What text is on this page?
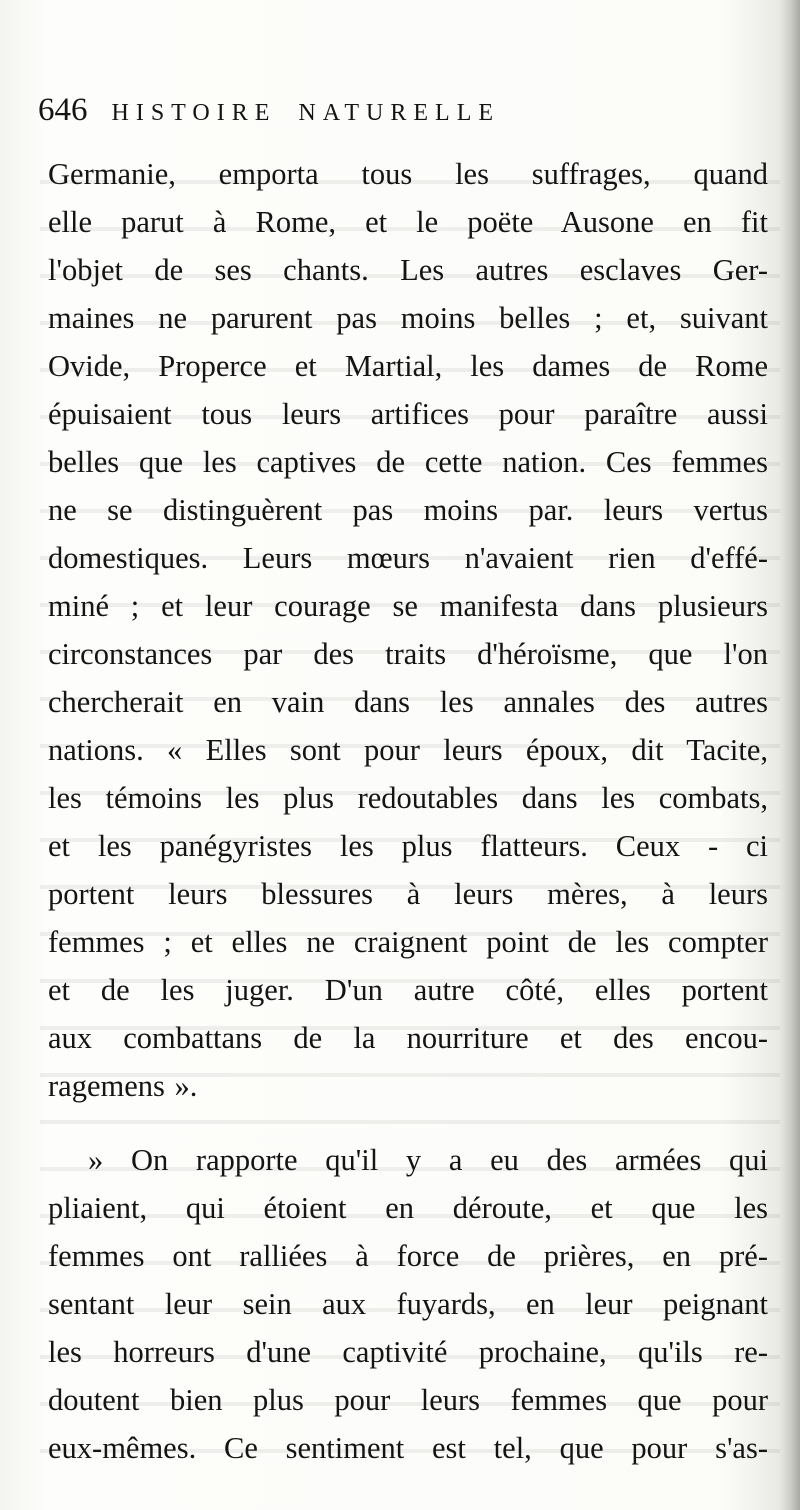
646 HISTOIRE NATURELLE
Germanie, emporta tous les suffrages, quand
elle parut à Rome, et le poëte Ausone en fit
l'objet de ses chants. Les autres esclaves Ger-
maines ne parurent pas moins belles ; et, suivant
Ovide, Properce et Martial, les dames de Rome
épuisaient tous leurs artifices pour paraître aussi
belles que les captives de cette nation. Ces femmes
ne se distinguèrent pas moins par. leurs vertus
domestiques. Leurs mœurs n'avaient rien d'effé-
miné ; et leur courage se manifesta dans plusieurs
circonstances par des traits d'héroïsme, que l'on
chercherait en vain dans les annales des autres
nations. « Elles sont pour leurs époux, dit Tacite,
les témoins les plus redoutables dans les combats,
et les panégyristes les plus flatteurs. Ceux - ci
portent leurs blessures à leurs mères, à leurs
femmes ; et elles ne craignent point de les compter
et de les juger. D'un autre côté, elles portent
aux combattans de la nourriture et des encou-
ragemens ».
» On rapporte qu'il y a eu des armées qui
pliaient, qui étoient en déroute, et que les
femmes ont ralliées à force de prières, en pré-
sentant leur sein aux fuyards, en leur peignant
les horreurs d'une captivité prochaine, qu'ils re-
doutent bien plus pour leurs femmes que pour
eux-mêmes. Ce sentiment est tel, que pour s'as-
